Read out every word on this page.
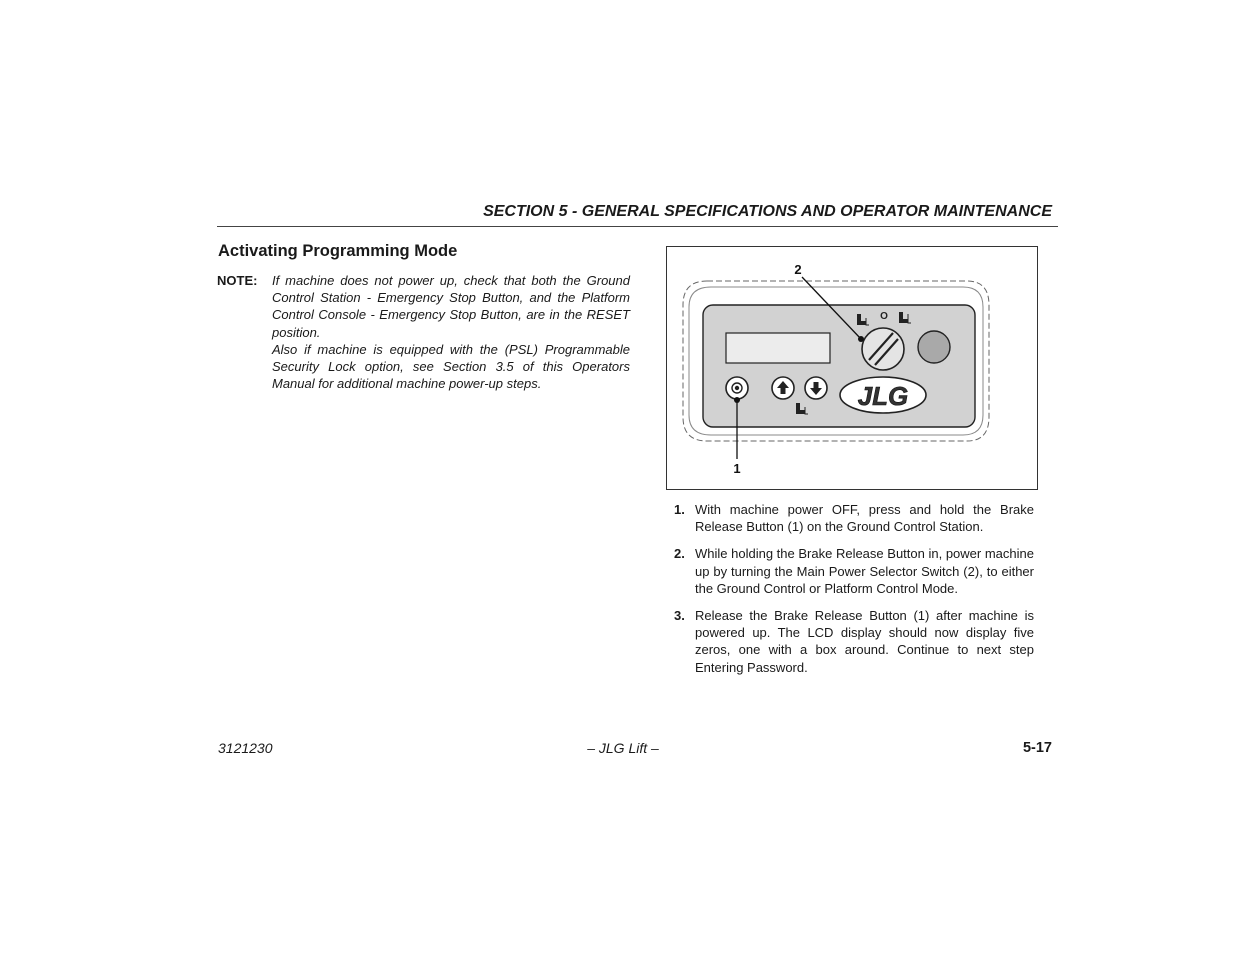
SECTION 5 - GENERAL SPECIFICATIONS AND OPERATOR MAINTENANCE
Activating Programming Mode
NOTE: If machine does not power up, check that both the Ground Control Station - Emergency Stop Button, and the Platform Control Console - Emergency Stop Button, are in the RESET position.

Also if machine is equipped with the (PSL) Programmable Security Lock option, see Section 3.5 of this Operators Manual for additional machine power-up steps.

O
JLG
2
1
1. With machine power OFF, press and hold the Brake Release Button (1) on the Ground Control Station.
2. While holding the Brake Release Button in, power machine up by turning the Main Power Selector Switch (2), to either the Ground Control or Platform Control Mode.
3. Release the Brake Release Button (1) after machine is powered up. The LCD display should now display five zeros, one with a box around. Continue to next step Entering Password.
3121230	– JLG Lift –	5-17
